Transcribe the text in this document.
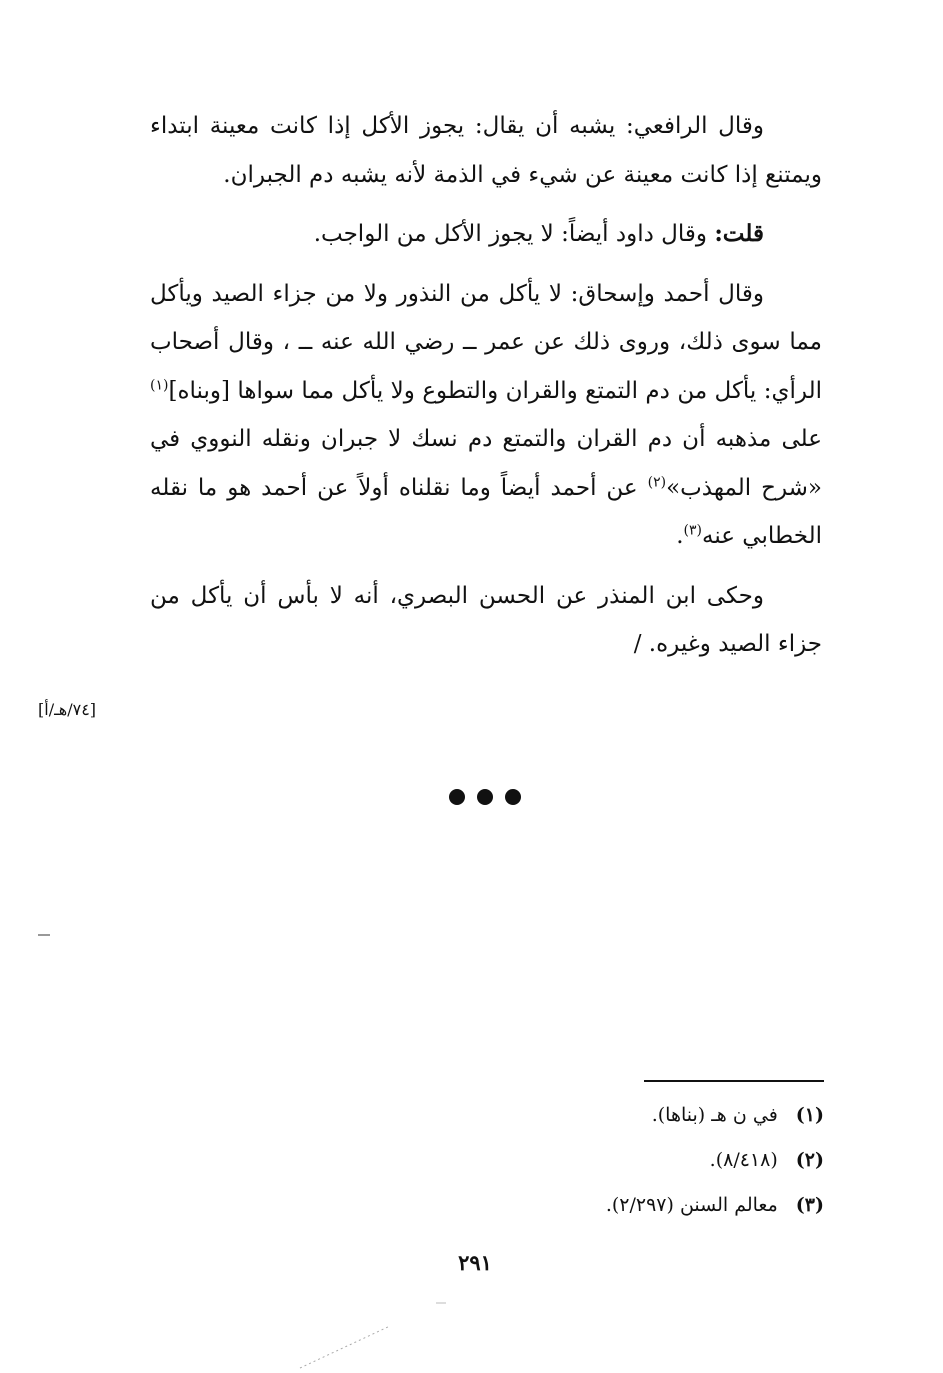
وقال الرافعي: يشبه أن يقال: يجوز الأكل إذا كانت معينة ابتداء ويمتنع إذا كانت معينة عن شيء في الذمة لأنه يشبه دم الجبران.

قلت: وقال داود أيضاً: لا يجوز الأكل من الواجب.

وقال أحمد وإسحاق: لا يأكل من النذور ولا من جزاء الصيد ويأكل مما سوى ذلك، وروى ذلك عن عمر ــ رضي الله عنه ــ ، وقال أصحاب الرأي: يأكل من دم التمتع والقران والتطوع ولا يأكل مما سواها [وبناه]$^{(١)}$ على مذهبه أن دم القران والتمتع دم نسك لا جبران ونقله النووي في «شرح المهذب»$^{(٢)}$ عن أحمد أيضاً وما نقلناه أولاً عن أحمد هو ما نقله الخطابي عنه$^{(٣)}$.

وحكى ابن المنذر عن الحسن البصري، أنه لا بأس أن يأكل من جزاء الصيد وغيره. /

[٧٤/هـ/أ]
(١)في ن هـ (بناها).
(٢)(٨/٤١٨).
(٣)معالم السنن (٢/٢٩٧).
٢٩١
